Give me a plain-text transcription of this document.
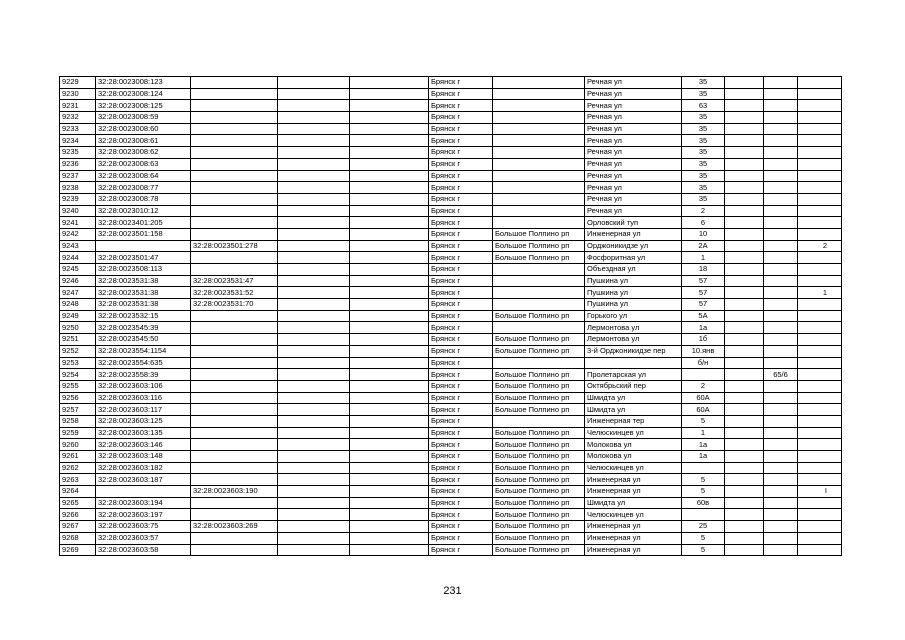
9229	32:28:0023008:123				Брянск г		Речная ул	35			
9230	32:28:0023008:124				Брянск г		Речная ул	35			
9231	32:28:0023008:125				Брянск г		Речная ул	63			
9232	32:28:0023008:59				Брянск г		Речная ул	35			
9233	32:28:0023008:60				Брянск г		Речная ул	35			
9234	32:28:0023008:61				Брянск г		Речная ул	35			
9235	32:28:0023008:62				Брянск г		Речная ул	35			
9236	32:28:0023008:63				Брянск г		Речная ул	35			
9237	32:28:0023008:64				Брянск г		Речная ул	35			
9238	32:28:0023008:77				Брянск г		Речная ул	35			
9239	32:28:0023008:78				Брянск г		Речная ул	35			
9240	32:28:0023010:12				Брянск г		Речная ул	2			
9241	32:28:0023401:205				Брянск г		Орловский туп	6			
9242	32:28:0023501:158				Брянск г	Большое Полпино рп	Инженерная ул	10			
9243		32:28:0023501:278			Брянск г	Большое Полпино рп	Орджоникидзе ул	2А			2
9244	32:28:0023501:47				Брянск г	Большое Полпино рп	Фосфоритная ул	1			
9245	32:28:0023508:113				Брянск г		Объездная ул	18			
9246	32:28:0023531:38	32:28:0023531:47			Брянск г		Пушкина ул	57			
9247	32:28:0023531:38	32:28:0023531:52			Брянск г		Пушкина ул	57			1
9248	32:28:0023531:38	32:28:0023531:70			Брянск г		Пушкина ул	57			
9249	32:28:0023532:15				Брянск г	Большое Полпино рп	Горького ул	5А			
9250	32:28:0023545:39				Брянск г		Лермонтова ул	1а			
9251	32:28:0023545:50				Брянск г	Большое Полпино рп	Лермонтова ул	1б			
9252	32:28:0023554:1154				Брянск г	Большое Полпино рп	3-й Орджоникидзе пер	10.янв			
9253	32:28:0023554:635				Брянск г			б/н			
9254	32:28:0023558:39				Брянск г	Большое Полпино рп	Пролетарская ул			65/6	
9255	32:28:0023603:106				Брянск г	Большое Полпино рп	Октябрьский пер	2			
9256	32:28:0023603:116				Брянск г	Большое Полпино рп	Шмидта ул	60А			
9257	32:28:0023603:117				Брянск г	Большое Полпино рп	Шмидта ул	60А			
9258	32:28:0023603:125				Брянск г		Инженерная тер	5			
9259	32:28:0023603:135				Брянск г	Большое Полпино рп	Челюскинцев ул	1			
9260	32:28:0023603:146				Брянск г	Большое Полпино рп	Молокова ул	1а			
9261	32:28:0023603:148				Брянск г	Большое Полпино рп	Молокова ул	1а			
9262	32:28:0023603:182				Брянск г	Большое Полпино рп	Челюскинцев ул				
9263	32:28:0023603:187				Брянск г	Большое Полпино рп	Инженерная ул	5			
9264		32:28:0023603:190			Брянск г	Большое Полпино рп	Инженерная ул	5			I
9265	32:28:0023603:194				Брянск г	Большое Полпино рп	Шмидта ул	60в			
9266	32:28:0023603:197				Брянск г	Большое Полпино рп	Челюскинцев ул				
9267	32:28:0023603:75	32:28:0023603:269			Брянск г	Большое Полпино рп	Инженерная ул	25			
9268	32:28:0023603:57				Брянск г	Большое Полпино рп	Инженерная ул	5			
9269	32:28:0023603:58				Брянск г	Большое Полпино рп	Инженерная ул	5			
231
